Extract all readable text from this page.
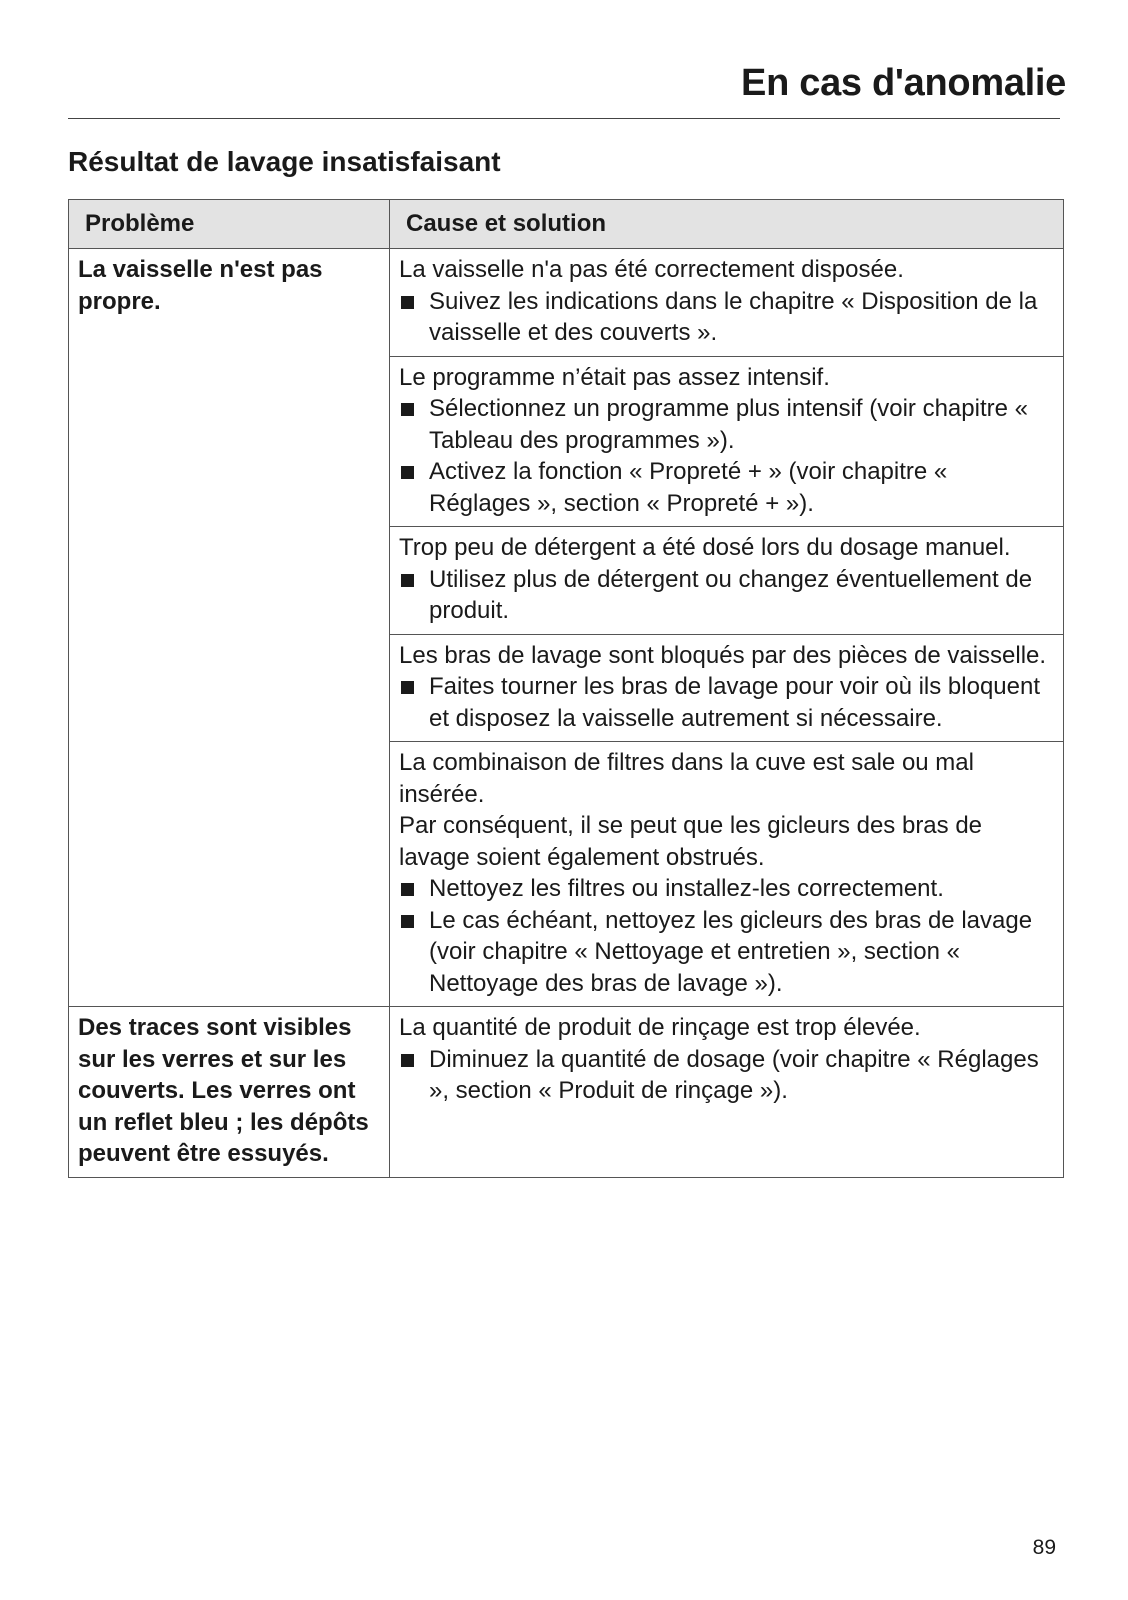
En cas d'anomalie
Résultat de lavage insatisfaisant
Problème	Cause et solution
La vaisselle n'est pas propre.	La vaisselle n'a pas été correctement disposée.
Suivez les indications dans le chapitre « Disposition de la vaisselle et des couverts ».

	Le programme n’était pas assez intensif.
Sélectionnez un programme plus intensif (voir chapitre « Tableau des programmes »).
Activez la fonction « Propreté + » (voir chapitre « Réglages », section « Propreté + »).

	Trop peu de détergent a été dosé lors du dosage manuel.
Utilisez plus de détergent ou changez éventuellement de produit.

	Les bras de lavage sont bloqués par des pièces de vaisselle.
Faites tourner les bras de lavage pour voir où ils bloquent et disposez la vaisselle autrement si nécessaire.

	La combinaison de filtres dans la cuve est sale ou mal insérée.
Par conséquent, il se peut que les gicleurs des bras de lavage soient également obstrués.
Nettoyez les filtres ou installez-les correctement.
Le cas échéant, nettoyez les gicleurs des bras de lavage (voir chapitre « Nettoyage et entretien », section « Nettoyage des bras de lavage »).

Des traces sont visibles sur les verres et sur les couverts. Les verres ont un reflet bleu ; les dépôts peuvent être essuyés.	La quantité de produit de rinçage est trop élevée.
Diminuez la quantité de dosage (voir chapitre « Réglages », section « Produit de rinçage »).
89
